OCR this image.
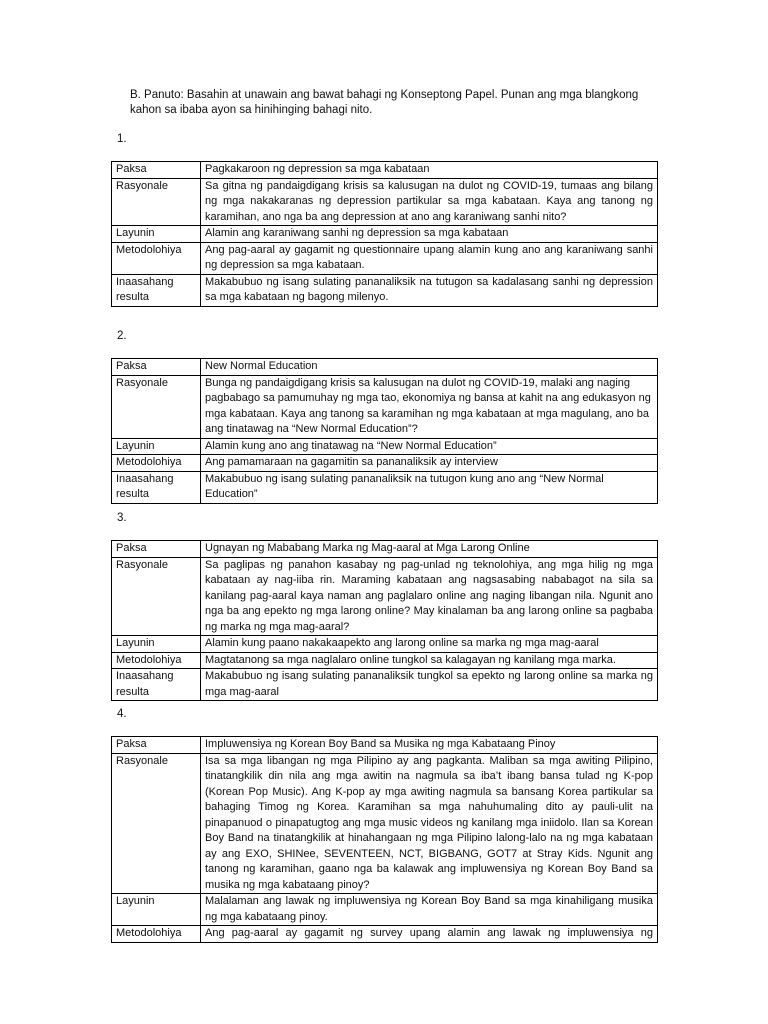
B. Panuto: Basahin at unawain ang bawat bahagi ng Konseptong Papel. Punan ang mga blangkong kahon sa ibaba ayon sa hinihinging bahagi nito.
1.
Paksa	Pagkakaroon ng depression sa mga kabataan
Rasyonale	Sa gitna ng pandaigdigang krisis sa kalusugan na dulot ng COVID-19, tumaas ang bilang ng mga nakakaranas ng depression partikular sa mga kabataan. Kaya ang tanong ng karamihan, ano nga ba ang depression at ano ang karaniwang sanhi nito?
Layunin	Alamin ang karaniwang sanhi ng depression sa mga kabataan
Metodolohiya	Ang pag-aaral ay gagamit ng questionnaire upang alamin kung ano ang karaniwang sanhi ng depression sa mga kabataan.
Inaasahang resulta	Makabubuo ng isang sulating pananaliksik na tutugon sa kadalasang sanhi ng depression sa mga kabataan ng bagong milenyo.
2.
Paksa	New Normal Education
Rasyonale	Bunga ng pandaigdigang krisis sa kalusugan na dulot ng COVID-19, malaki ang naging pagbabago sa pamumuhay ng mga tao, ekonomiya ng bansa at kahit na ang edukasyon ng mga kabataan. Kaya ang tanong sa karamihan ng mga kabataan at mga magulang, ano ba ang tinatawag na “New Normal Education”?
Layunin	Alamin kung ano ang tinatawag na “New Normal Education”
Metodolohiya	Ang pamamaraan na gagamitin sa pananaliksik ay interview
Inaasahang resulta	Makabubuo ng isang sulating pananaliksik na tutugon kung ano ang “New Normal Education”
3.
Paksa	Ugnayan ng Mababang Marka ng Mag-aaral at Mga Larong Online
Rasyonale	Sa paglipas ng panahon kasabay ng pag-unlad ng teknolohiya, ang mga hilig ng mga kabataan ay nag-iiba rin. Maraming kabataan ang nagsasabing nababagot na sila sa kanilang pag-aaral kaya naman ang paglalaro online ang naging libangan nila. Ngunit ano nga ba ang epekto ng mga larong online? May kinalaman ba ang larong online sa pagbaba ng marka ng mga mag-aaral?
Layunin	Alamin kung paano nakakaapekto ang larong online sa marka ng mga mag-aaral
Metodolohiya	Magtatanong sa mga naglalaro online tungkol sa kalagayan ng kanilang mga marka.
Inaasahang resulta	Makabubuo ng isang sulating pananaliksik tungkol sa epekto ng larong online sa marka ng mga mag-aaral
4.
Paksa	Impluwensiya ng Korean Boy Band sa Musika ng mga Kabataang Pinoy
Rasyonale	Isa sa mga libangan ng mga Pilipino ay ang pagkanta. Maliban sa mga awiting Pilipino, tinatangkilik din nila ang mga awitin na nagmula sa iba’t ibang bansa tulad ng K-pop (Korean Pop Music). Ang K-pop ay mga awiting nagmula sa bansang Korea partikular sa bahaging Timog ng Korea. Karamihan sa mga nahuhumaling dito ay pauli-ulit na pinapanuod o pinapatugtog ang mga music videos ng kanilang mga iniidolo. Ilan sa Korean Boy Band na tinatangkilik at hinahangaan ng mga Pilipino lalong-lalo na ng mga kabataan ay ang EXO, SHINee, SEVENTEEN, NCT, BIGBANG, GOT7 at Stray Kids. Ngunit ang tanong ng karamihan, gaano nga ba kalawak ang impluwensiya ng Korean Boy Band sa musika ng mga kabataang pinoy?
Layunin	Malalaman ang lawak ng impluwensiya ng Korean Boy Band sa mga kinahiligang musika ng mga kabataang pinoy.
Metodolohiya	Ang pag-aaral ay gagamit ng survey upang alamin ang lawak ng impluwensiya ng
